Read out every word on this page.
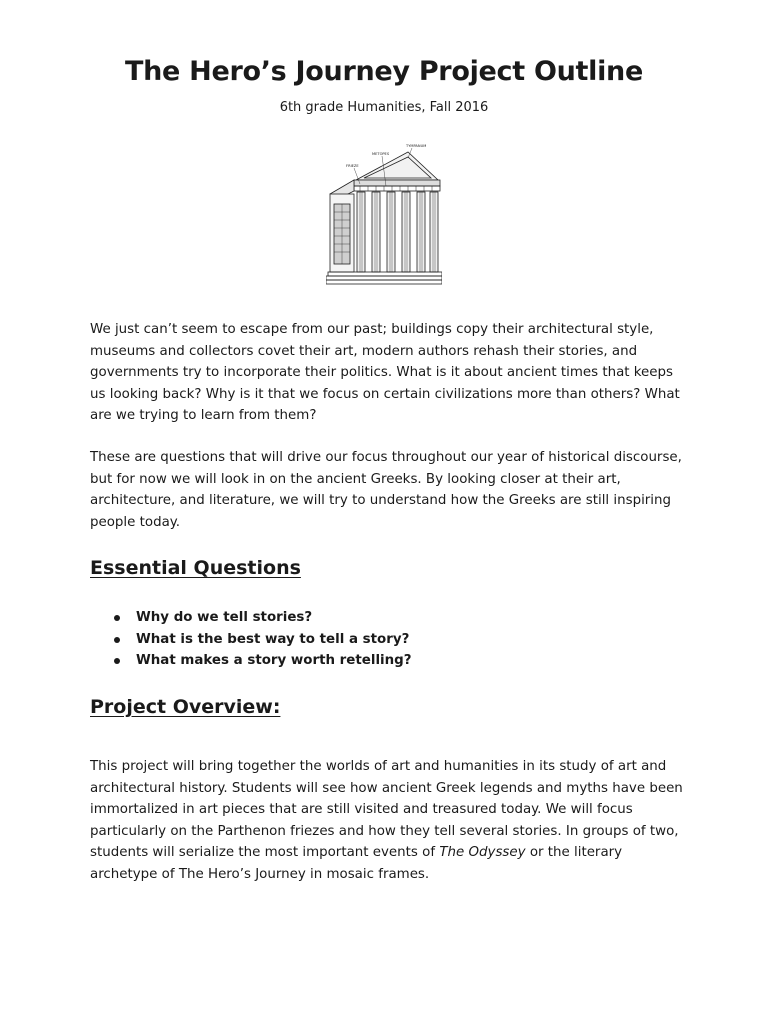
The Hero’s Journey Project Outline

6th grade Humanities, Fall 2016

TYMPANUM
METOPES
FRIEZE

We just can’t seem to escape from our past; buildings copy their architectural style, museums and collectors covet their art, modern authors rehash their stories, and governments try to incorporate their politics. What is it about ancient times that keeps us looking back? Why is it that we focus on certain civilizations more than others? What are we trying to learn from them?

These are questions that will drive our focus throughout our year of historical discourse, but for now we will look in on the ancient Greeks. By looking closer at their art, architecture, and literature, we will try to understand how the Greeks are still inspiring people today.

Essential Questions
Why do we tell stories?
What is the best way to tell a story?
What makes a story worth retelling?
Project Overview:

This project will bring together the worlds of art and humanities in its study of art and architectural history. Students will see how ancient Greek legends and myths have been immortalized in art pieces that are still visited and treasured today. We will focus particularly on the Parthenon friezes and how they tell several stories. In groups of two, students will serialize the most important events of The Odyssey or the literary archetype of The Hero’s Journey in mosaic frames.
